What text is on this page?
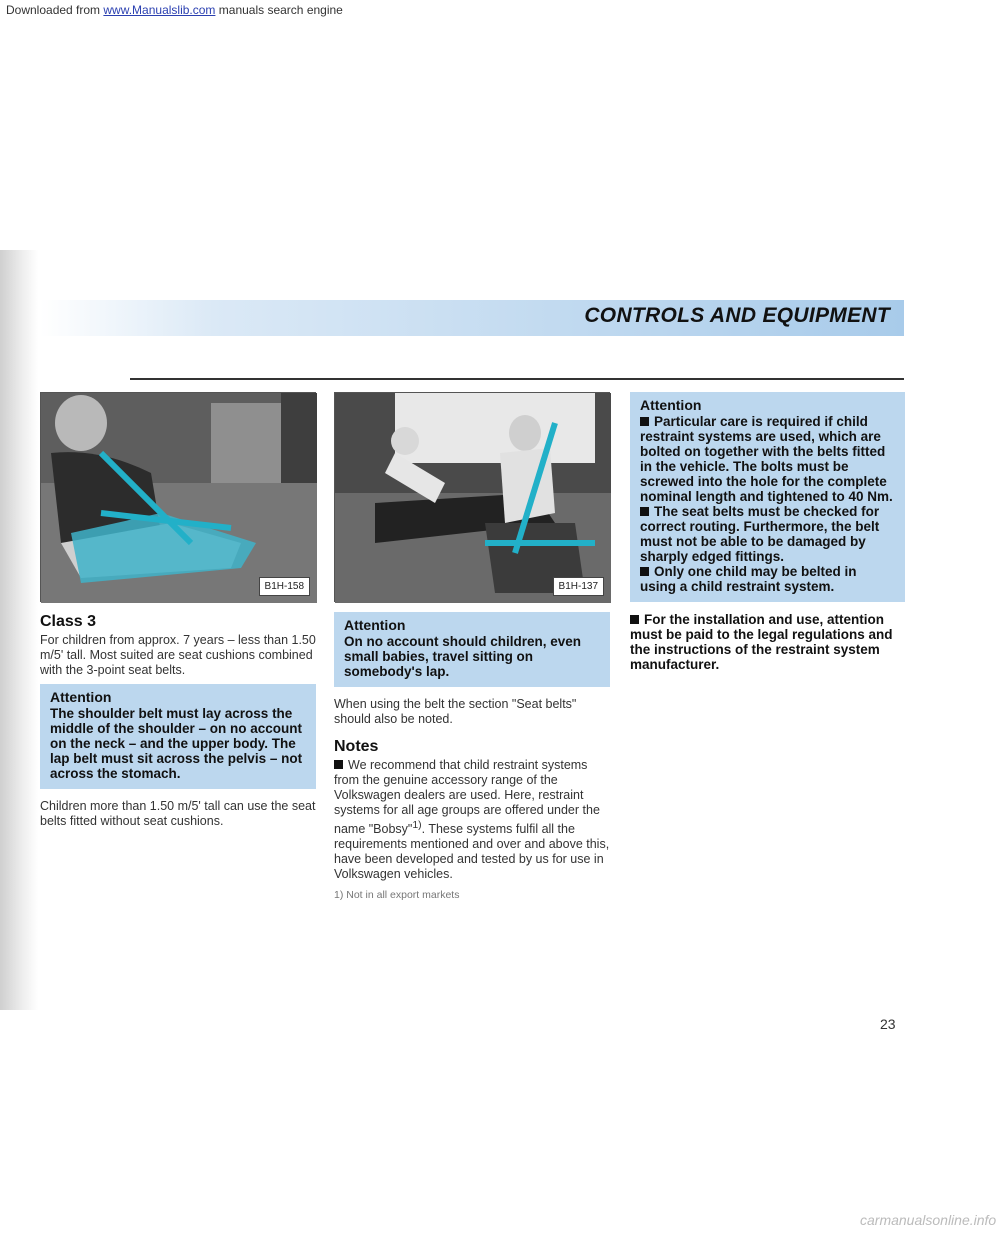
Downloaded from www.Manualslib.com manuals search engine
CONTROLS AND EQUIPMENT
B1H-158
Class 3

For children from approx. 7 years – less than 1.50 m/5' tall. Most suited are seat cushions combined with the 3-point seat belts.

Attention
The shoulder belt must lay across the middle of the shoulder – on no account on the neck – and the upper body. The lap belt must sit across the pelvis – not across the stomach.

Children more than 1.50 m/5' tall can use the seat belts fitted without seat cushions.

B1H-137
Attention
On no account should children, even small babies, travel sitting on somebody's lap.

When using the belt the section "Seat belts" should also be noted.

Notes

We recommend that child restraint systems from the genuine accessory range of the Volkswagen dealers are used. Here, restraint systems for all age groups are offered under the name "Bobsy"$^{1)}$. These systems fulfil all the requirements mentioned and over and above this, have been developed and tested by us for use in Volkswagen vehicles.

1) Not in all export markets
Attention
Particular care is required if child restraint systems are used, which are bolted on together with the belts fitted in the vehicle. The bolts must be screwed into the hole for the complete nominal length and tightened to 40 Nm.
The seat belts must be checked for correct routing. Furthermore, the belt must not be able to be damaged by sharply edged fittings.
Only one child may be belted in using a child restraint system.

For the installation and use, attention must be paid to the legal regulations and the instructions of the restraint system manufacturer.

23
carmanualsonline.info
